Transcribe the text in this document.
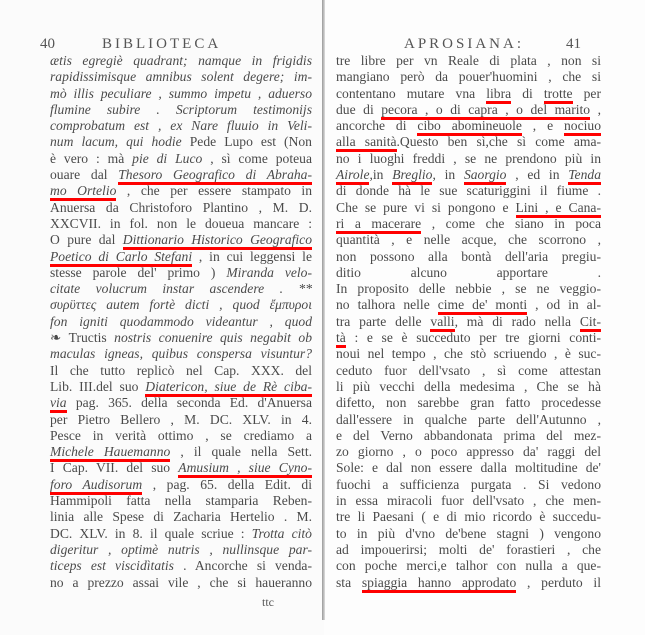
40	BIBLIOTECA
ætis egregiè quadrant; namque in frigidis
rapidissimisque amnibus solent degere; im-
mò illis peculiare , summo impetu , aduerso
flumine subire . Scriptorum testimonijs
comprobatum est , ex Nare fluuio in Veli-
num lacum, qui hodie Pede Lupo est (Non
è vero : mà pie di Luco , sì come poteua
ouare dal Thesoro Geografico di Abraha-
mo Ortelio , che per essere stampato in
Anuersa da Christoforo Plantino , M. D.
XXCVII. in fol. non le doueua mancare :
O pure dal Dittionario Historico Geografico
Poetico di Carlo Stefani , in cui leggensi le
stesse parole del' primo ) Miranda velo-
citate volucrum instar ascendere . **
συρϋττες autem fortè dicti , quod ἔμπυροι
fon igniti quodammodo videantur , quod
❧ Tructis nostris conuenire quis negabit ob
maculas igneas, quibus conspersa visuntur?
Il che tutto replicò nel Cap. XXX. del
Lib. III.del suo Diatericon, siue de Rè ciba-
via pag. 365. della seconda Ed. d'Anuersa
per Pietro Bellero , M. DC. XLV. in 4.
Pesce in verità ottimo , se crediamo a
Michele Hauemanno , il quale nella Sett.
I Cap. VII. del suo Amusium , siue Cyno-
foro Audisorum , pag. 65. della Edit. di
Hammipoli fatta nella stamparia Reben-
linia alle Spese di Zacharia Hertelio . M.
DC. XLV. in 8. il quale scriue : Trotta citò
digeritur , optimè nutris , nullinsque par-
ticeps est viscidìtatis . Ancorche si venda-
no a prezzo assai vile , che si hauerannо
ttc
APROSIANA:	41
tre libre per vn Reale di plata , non si
mangiano però da pouer'huomini , che si
contentano mutare vna libra di trotte per
due di pecora , o di capra , o del marito ,
ancorche di cibo abomineuole , e nociuo
alla sanità.Questo ben sì,che sì come ama-
no i luoghi freddi , se ne prendono più in
Airole,in Breglio, in Saorgio , ed in Tenda
di donde hà le sue scaturiggini il fiume .
Che se pure vi si pongono e Lini , e Cana-
ri a macerare , come che siano in poca
quantità , e nelle acque, che scorrono ,
non possono alla bontà dell'aria pregiu-
ditio alcuno apportare .
In proposito delle nebbie , se ne veggio-
no talhora nelle cime de' monti , od in al-
tra parte delle valli, mà di rado nella Cit-
tà : e se è succeduto per tre giorni conti-
noui nel tempo , che stò scriuendo , è suc-
ceduto fuor dell'vsato , sì come attestan
li più vecchi della medesima , Che se hà
difetto, non sarebbe gran fatto procedesse
dall'essere in qualche parte dell'Autunno ,
e del Verno abbandonata prima del mez-
zo giorno , o poco appresso da' raggi del
Sole: e dal non essere dalla moltitudine de'
fuochi a sufficienza purgata . Si vedono
in essa miracoli fuor dell'vsato , che men-
tre li Paesani ( e di mio ricordo è succedu-
to in più d'vno de'bene stagni ) vengono
ad impouerirsi; molti de' forastieri , che
con poche merci,e talhor con nulla a que-
sta spiaggia hanno approdato , perduto il
